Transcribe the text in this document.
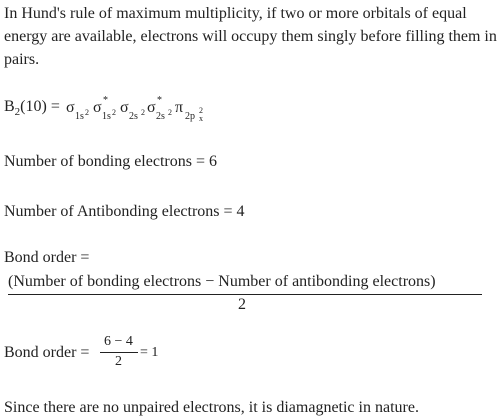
In Hund's rule of maximum multiplicity, if two or more orbitals of equal energy are available, electrons will occupy them singly before filling them in pairs.

$B_2(10) = \sigma$
1s 2 σ *
1s 2 σ
2s 2 σ *
2s 2 π
2p
2
x

Number of bonding electrons = 6

Number of Antibonding electrons = 4

Bond order =

(Number of bonding electrons − Number of antibonding electrons)
2
Bond order =
6 − 4
2
= 1

Since there are no unpaired electrons, it is diamagnetic in nature.
